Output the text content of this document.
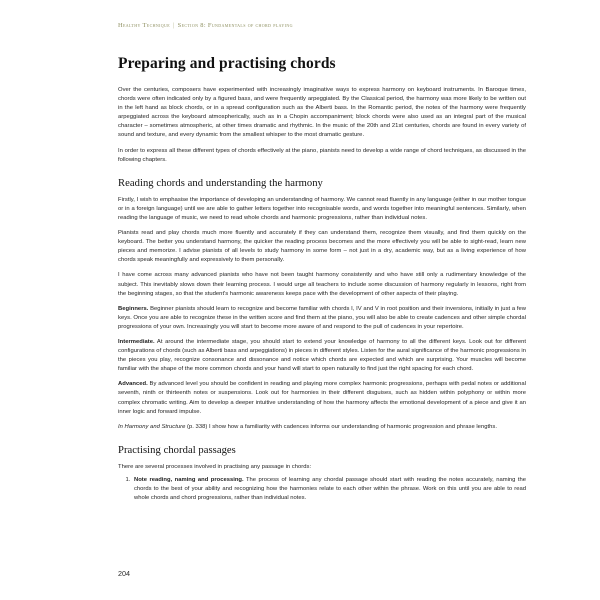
Healthy Technique | Section 8: Fundamentals of chord playing
Preparing and practising chords

Over the centuries, composers have experimented with increasingly imaginative ways to express harmony on keyboard instruments. In Baroque times, chords were often indicated only by a figured bass, and were frequently arpeggiated. By the Classical period, the harmony was more likely to be written out in the left hand as block chords, or in a spread configuration such as the Alberti bass. In the Romantic period, the notes of the harmony were frequently arpeggiated across the keyboard atmospherically, such as in a Chopin accompaniment; block chords were also used as an integral part of the musical character – sometimes atmospheric, at other times dramatic and rhythmic. In the music of the 20th and 21st centuries, chords are found in every variety of sound and texture, and every dynamic from the smallest whisper to the most dramatic gesture.

In order to express all these different types of chords effectively at the piano, pianists need to develop a wide range of chord techniques, as discussed in the following chapters.

Reading chords and understanding the harmony

Firstly, I wish to emphasise the importance of developing an understanding of harmony. We cannot read fluently in any language (either in our mother tongue or in a foreign language) until we are able to gather letters together into recognisable words, and words together into meaningful sentences. Similarly, when reading the language of music, we need to read whole chords and harmonic progressions, rather than individual notes.

Pianists read and play chords much more fluently and accurately if they can understand them, recognize them visually, and find them quickly on the keyboard. The better you understand harmony, the quicker the reading process becomes and the more effectively you will be able to sight-read, learn new pieces and memorize. I advise pianists of all levels to study harmony in some form – not just in a dry, academic way, but as a living experience of how chords speak meaningfully and expressively to them personally.

I have come across many advanced pianists who have not been taught harmony consistently and who have still only a rudimentary knowledge of the subject. This inevitably slows down their learning process. I would urge all teachers to include some discussion of harmony regularly in lessons, right from the beginning stages, so that the student's harmonic awareness keeps pace with the development of other aspects of their playing.

Beginners. Beginner pianists should learn to recognize and become familiar with chords I, IV and V in root position and their inversions, initially in just a few keys. Once you are able to recognize these in the written score and find them at the piano, you will also be able to create cadences and other simple chordal progressions of your own. Increasingly you will start to become more aware of and respond to the pull of cadences in your repertoire.

Intermediate. At around the intermediate stage, you should start to extend your knowledge of harmony to all the different keys. Look out for different configurations of chords (such as Alberti bass and arpeggiations) in pieces in different styles. Listen for the aural significance of the harmonic progressions in the pieces you play, recognize consonance and dissonance and notice which chords are expected and which are surprising. Your muscles will become familiar with the shape of the more common chords and your hand will start to open naturally to find just the right spacing for each chord.

Advanced. By advanced level you should be confident in reading and playing more complex harmonic progressions, perhaps with pedal notes or additional seventh, ninth or thirteenth notes or suspensions. Look out for harmonies in their different disguises, such as hidden within polyphony or within more complex chromatic writing. Aim to develop a deeper intuitive understanding of how the harmony affects the emotional development of a piece and give it an inner logic and forward impulse.

In Harmony and Structure (p. 338) I show how a familiarity with cadences informs our understanding of harmonic progression and phrase lengths.

Practising chordal passages

There are several processes involved in practising any passage in chords:

1. Note reading, naming and processing. The process of learning any chordal passage should start with reading the notes accurately, naming the chords to the best of your ability and recognizing how the harmonies relate to each other within the phrase. Work on this until you are able to read whole chords and chord progressions, rather than individual notes.
204
